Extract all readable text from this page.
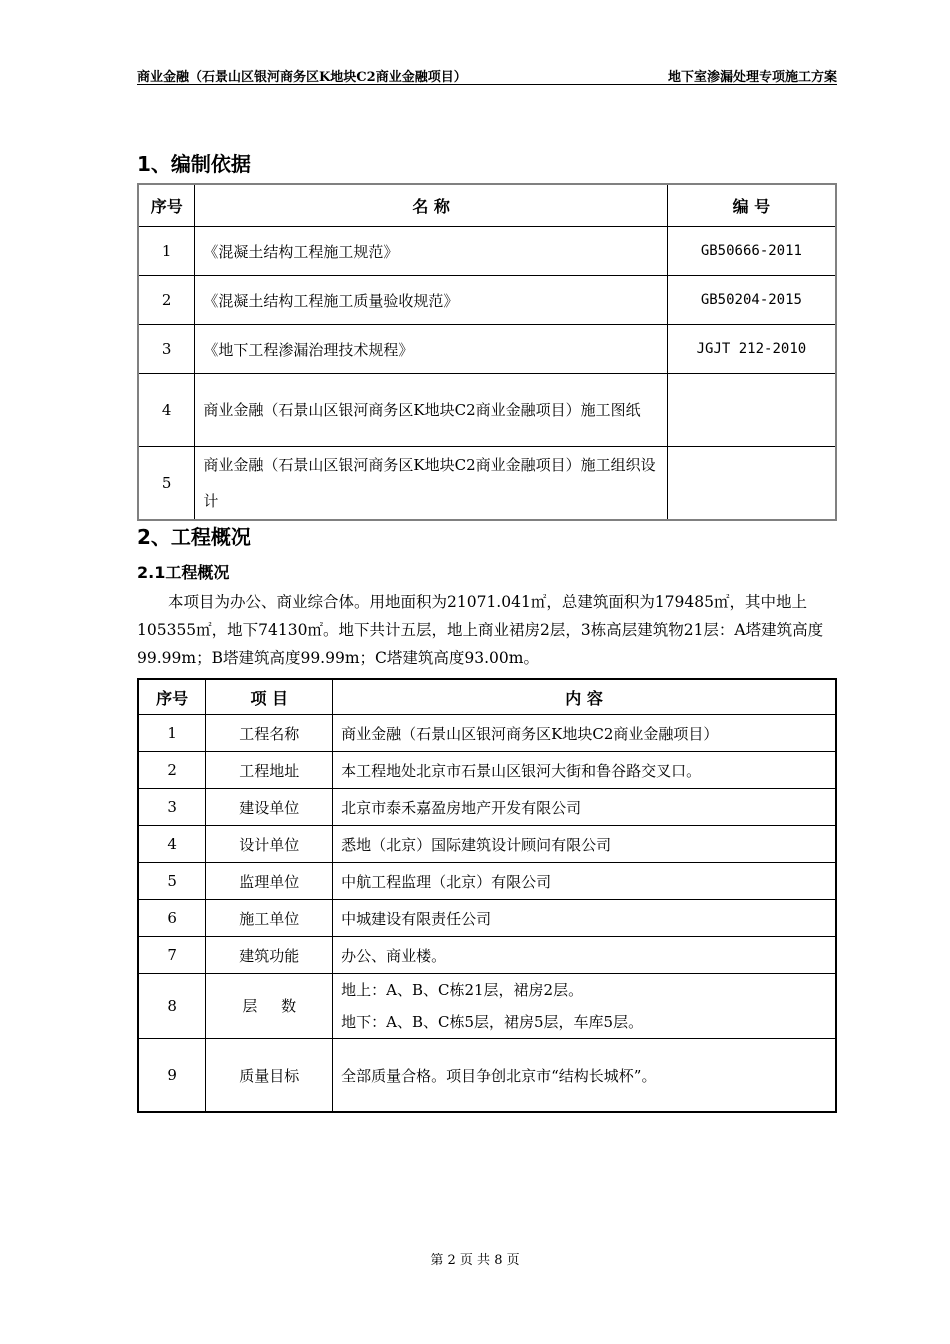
商业金融（石景山区银河商务区K地块C2商业金融项目）	地下室渗漏处理专项施工方案
1、编制依据
序号	名 称	编 号
1	《混凝土结构工程施工规范》	GB50666-2011
2	《混凝土结构工程施工质量验收规范》	GB50204-2015
3	《地下工程渗漏治理技术规程》	JGJT 212-2010
4	商业金融（石景山区银河商务区K地块C2商业金融项目）施工图纸	
5	商业金融（石景山区银河商务区K地块C2商业金融项目）施工组织设计	
2、工程概况
2.1工程概况

本项目为办公、商业综合体。用地面积为21071.041㎡，总建筑面积为179485㎡，其中地上105355㎡，地下74130㎡。地下共计五层，地上商业裙房2层，3栋高层建筑物21层：A塔建筑高度99.99m；B塔建筑高度99.99m；C塔建筑高度93.00m。

序号	项 目	内 容
1	工程名称	商业金融（石景山区银河商务区K地块C2商业金融项目）
2	工程地址	本工程地处北京市石景山区银河大街和鲁谷路交叉口。
3	建设单位	北京市泰禾嘉盈房地产开发有限公司
4	设计单位	悉地（北京）国际建筑设计顾问有限公司
5	监理单位	中航工程监理（北京）有限公司
6	施工单位	中城建设有限责任公司
7	建筑功能	办公、商业楼。
8	层     数	地上：A、B、C栋21层，裙房2层。
地下：A、B、C栋5层，裙房5层，车库5层。

9	质量目标	全部质量合格。项目争创北京市“结构长城杯”。
第 2 页 共 8 页
